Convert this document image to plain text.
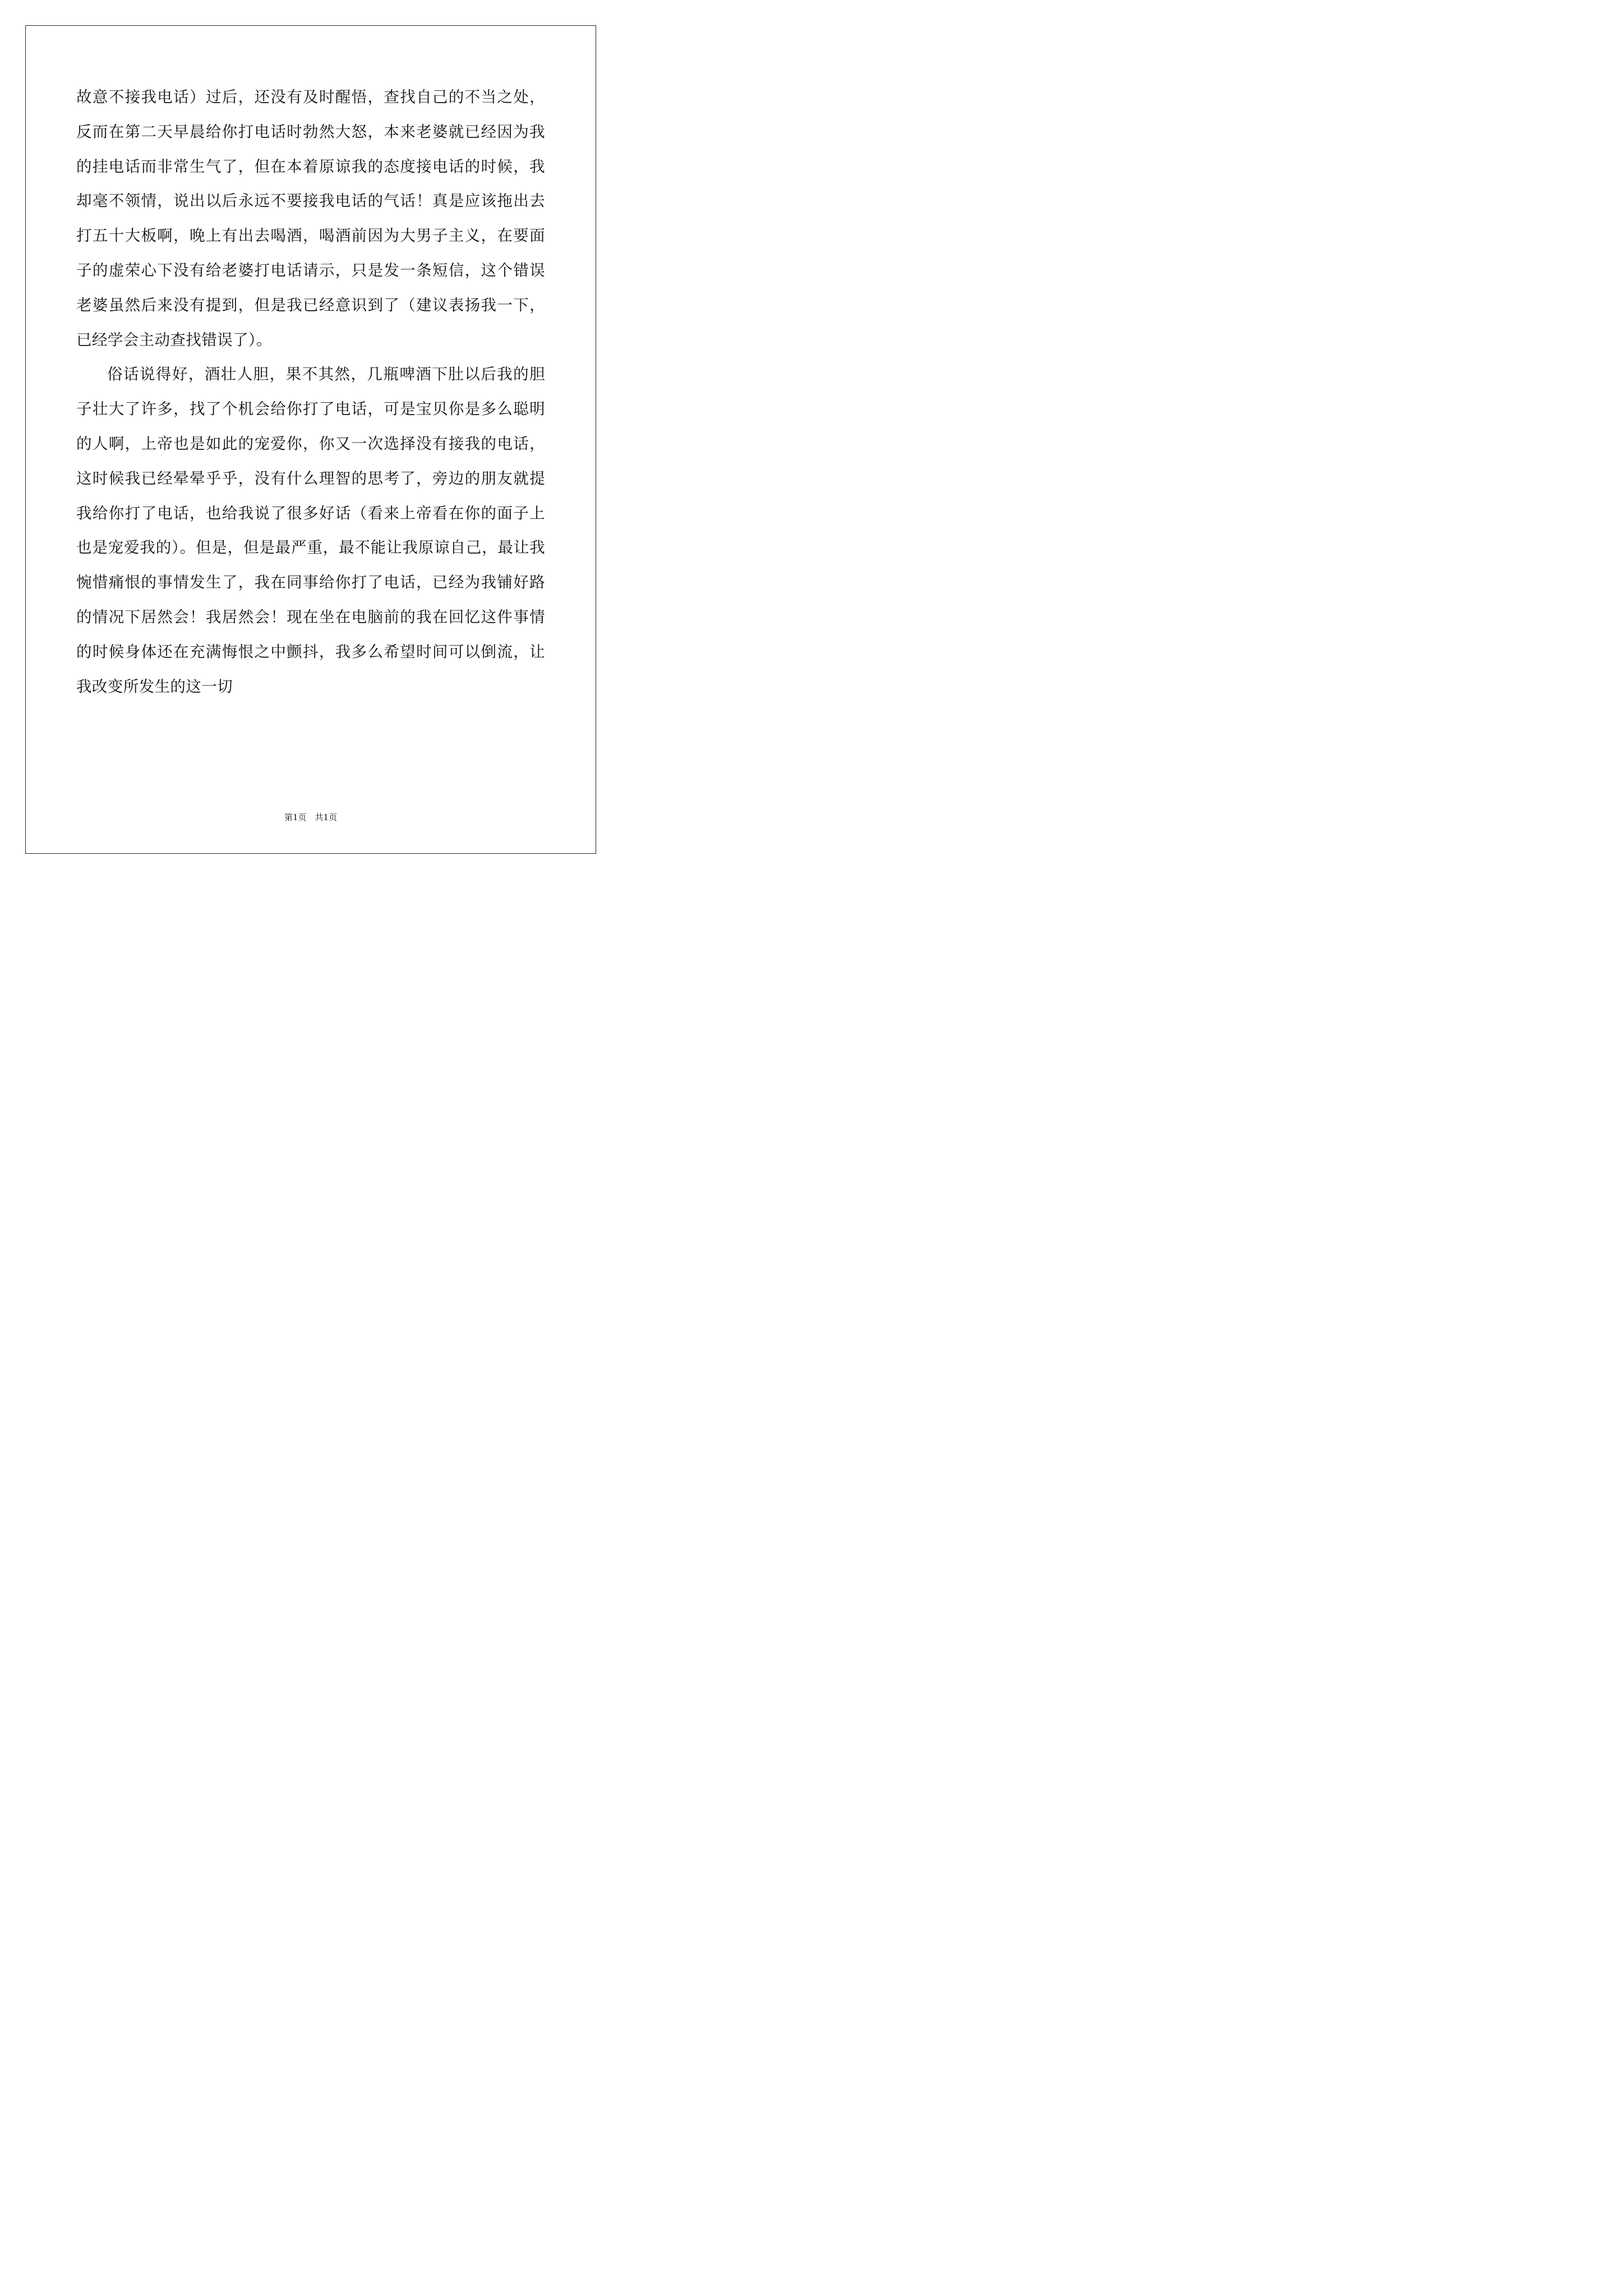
故意不接我电话）过后，还没有及时醒悟，查找自己的不当之处，反而在第二天早晨给你打电话时勃然大怒，本来老婆就已经因为我的挂电话而非常生气了，但在本着原谅我的态度接电话的时候，我却毫不领情，说出以后永远不要接我电话的气话！真是应该拖出去打五十大板啊，晚上有出去喝酒，喝酒前因为大男子主义，在要面子的虚荣心下没有给老婆打电话请示，只是发一条短信，这个错误老婆虽然后来没有提到，但是我已经意识到了（建议表扬我一下，已经学会主动查找错误了）。

俗话说得好，酒壮人胆，果不其然，几瓶啤酒下肚以后我的胆子壮大了许多，找了个机会给你打了电话，可是宝贝你是多么聪明的人啊，上帝也是如此的宠爱你，你又一次选择没有接我的电话，这时候我已经晕晕乎乎，没有什么理智的思考了，旁边的朋友就提我给你打了电话，也给我说了很多好话（看来上帝看在你的面子上也是宠爱我的）。但是，但是最严重，最不能让我原谅自己，最让我惋惜痛恨的事情发生了，我在同事给你打了电话，已经为我铺好路的情况下居然会！我居然会！现在坐在电脑前的我在回忆这件事情的时候身体还在充满悔恨之中颤抖，我多么希望时间可以倒流，让我改变所发生的这一切

第1页　共1页
